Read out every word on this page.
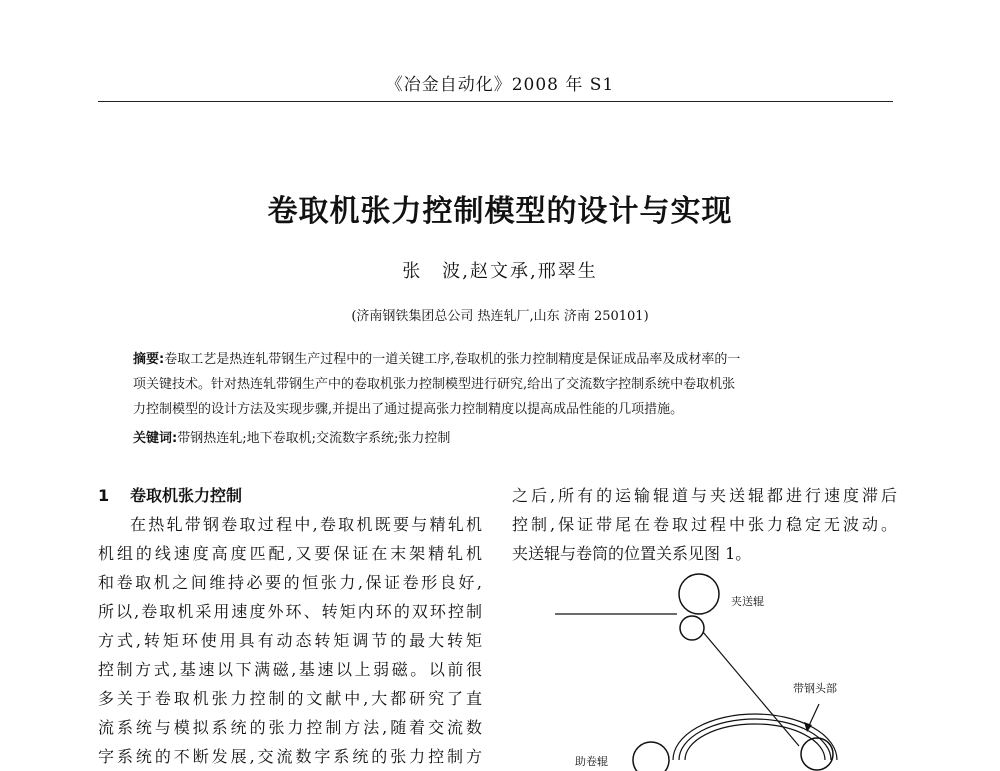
《冶金自动化》2008 年 S1
卷取机张力控制模型的设计与实现
张　波,赵文承,邢翠生
(济南钢铁集团总公司 热连轧厂,山东 济南 250101)
摘要:卷取工艺是热连轧带钢生产过程中的一道关键工序,卷取机的张力控制精度是保证成品率及成材率的一
项关键技术。针对热连轧带钢生产中的卷取机张力控制模型进行研究,给出了交流数字控制系统中卷取机张
力控制模型的设计方法及实现步骤,并提出了通过提高张力控制精度以提高成品性能的几项措施。
关键词:带钢热连轧;地下卷取机;交流数字系统;张力控制
1 卷取机张力控制
在热轧带钢卷取过程中,卷取机既要与精轧机
机组的线速度高度匹配,又要保证在末架精轧机
和卷取机之间维持必要的恒张力,保证卷形良好,
所以,卷取机采用速度外环、转矩内环的双环控制
方式,转矩环使用具有动态转矩调节的最大转矩
控制方式,基速以下满磁,基速以上弱磁。以前很
多关于卷取机张力控制的文献中,大都研究了直
流系统与模拟系统的张力控制方法,随着交流数
字系统的不断发展,交流数字系统的张力控制方
之后,所有的运输辊道与夹送辊都进行速度滞后
控制,保证带尾在卷取过程中张力稳定无波动。
夹送辊与卷筒的位置关系见图 1。
夹送辊
带钢头部
助卷辊
